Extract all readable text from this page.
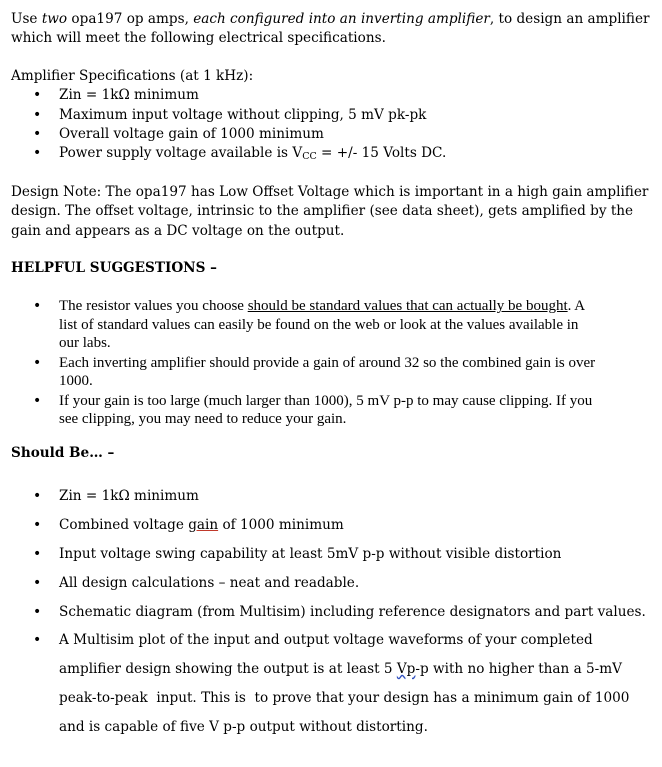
Use two opa197 op amps, each configured into an inverting amplifier, to design an amplifier
which will meet the following electrical specifications.
Amplifier Specifications (at 1 kHz):
• Zin = 1kΩ minimum
• Maximum input voltage without clipping, 5 mV pk-pk
• Overall voltage gain of 1000 minimum
• Power supply voltage available is $V_{CC}$ = +/- 15 Volts DC.
Design Note: The opa197 has Low Offset Voltage which is important in a high gain amplifier
design. The offset voltage, intrinsic to the amplifier (see data sheet), gets amplified by the
gain and appears as a DC voltage on the output.
HELPFUL SUGGESTIONS –
• The resistor values you choose should be standard values that can actually be bought. A
list of standard values can easily be found on the web or look at the values available in
our labs.
• Each inverting amplifier should provide a gain of around 32 so the combined gain is over
1000.
• If your gain is too large (much larger than 1000), 5 mV p-p to may cause clipping. If you
see clipping, you may need to reduce your gain.
Should Be… –
• Zin = 1kΩ minimum
• Combined voltage gain of 1000 minimum
• Input voltage swing capability at least 5mV p-p without visible distortion
• All design calculations – neat and readable.
• Schematic diagram (from Multisim) including reference designators and part values.
• A Multisim plot of the input and output voltage waveforms of your completed
amplifier design showing the output is at least 5 Vp-p with no higher than a 5-mV
peak-to-peak  input. This is  to prove that your design has a minimum gain of 1000
and is capable of five V p-p output without distorting.
